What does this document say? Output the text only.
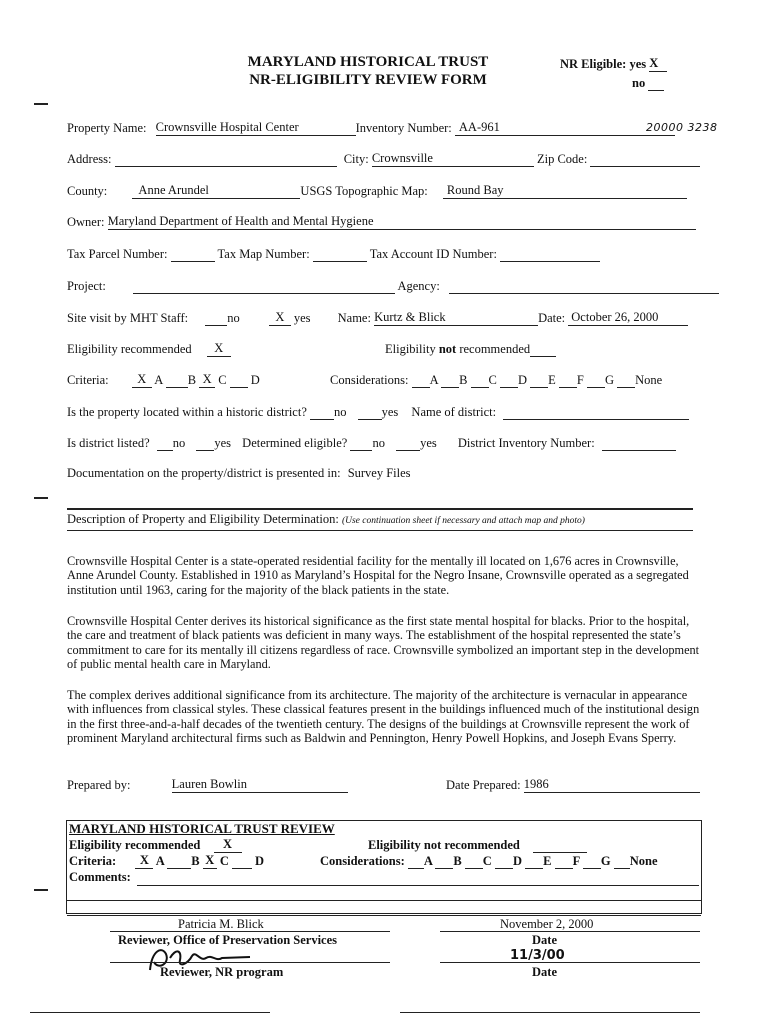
MARYLAND HISTORICAL TRUST
NR-ELIGIBILITY REVIEW FORM
NR Eligible: yes X
no
20000 3238
Property Name: Crownsville Hospital Center	Inventory Number: AA-961
Address:	City: Crownsville	Zip Code:
County: Anne Arundel	USGS Topographic Map: Round Bay
Owner: Maryland Department of Health and Mental Hygiene
Tax Parcel Number:	Tax Map Number:	Tax Account ID Number:
Project:	Agency:
Site visit by MHT Staff:	no	X yes Name: Kurtz & Blick	Date: October 26, 2000
Eligibility recommended X	Eligibility not recommended
Criteria: X A B X C D	Considerations: A B C D E F G None
Is the property located within a historic district? no	yes Name of district:
Is district listed? no yes Determined eligible? no	yes District Inventory Number:
Documentation on the property/district is presented in: Survey Files
Description of Property and Eligibility Determination: (Use continuation sheet if necessary and attach map and photo)
Crownsville Hospital Center is a state-operated residential facility for the mentally ill located on 1,676 acres in Crownsville, Anne Arundel County. Established in 1910 as Maryland’s Hospital for the Negro Insane, Crownsville operated as a segregated institution until 1963, caring for the majority of the black patients in the state.
Crownsville Hospital Center derives its historical significance as the first state mental hospital for blacks. Prior to the hospital, the care and treatment of black patients was deficient in many ways. The establishment of the hospital represented the state’s commitment to care for its mentally ill citizens regardless of race. Crownsville symbolized an important step in the development of public mental health care in Maryland.
The complex derives additional significance from its architecture. The majority of the architecture is vernacular in appearance with influences from classical styles. These classical features present in the buildings influenced much of the institutional design in the first three-and-a-half decades of the twentieth century. The designs of the buildings at Crownsville represent the work of prominent Maryland architectural firms such as Baldwin and Pennington, Henry Powell Hopkins, and Joseph Evans Sperry.
Prepared by:	Lauren Bowlin	Date Prepared: 1986
MARYLAND HISTORICAL TRUST REVIEW
Eligibility recommended X	Eligibility not recommended
Criteria: X A B X C D	Considerations: A B C D E F G None
Comments:
Patricia M. Blick	November 2, 2000
Reviewer, Office of Preservation Services	Date
11/3/00
Reviewer, NR program	Date
